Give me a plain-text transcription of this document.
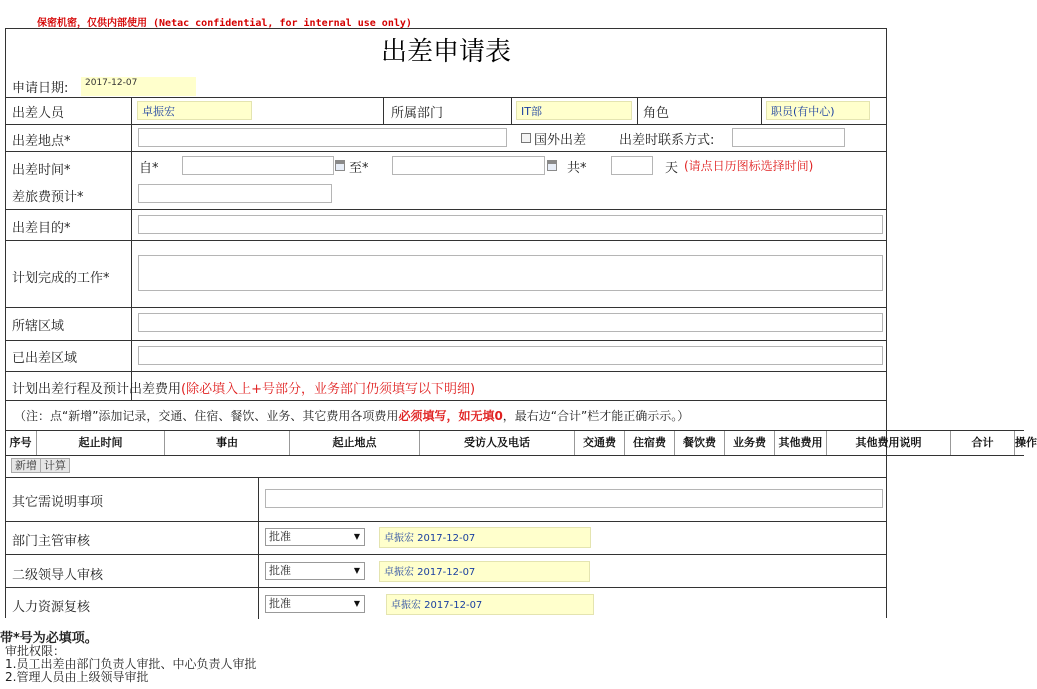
保密机密，仅供内部使用 (Netac confidential, for internal use only)
出差申请表
申请日期:	2017-12-07
出差人员	卓振宏	所属部门	IT部	角色	职员(有中心)
出差地点*	国外出差	出差时联系方式:
出差时间*	自*	至*	共*	天 (请点日历图标选择时间)
差旅费预计*
出差目的*
计划完成的工作*
所辖区域
已出差区域
计划出差行程及预计出差费用(除必填入上+号部分，业务部门仍须填写以下明细)
（注：点“新增”添加记录，交通、住宿、餐饮、业务、其它费用各项费用必须填写，如无填0，最右边“合计”栏才能正确示示。）
其它需说明事项
部门主管审核	批准	▼	卓振宏 2017-12-07
二级领导人审核	批准	▼	卓振宏 2017-12-07
人力资源复核	批准	▼	卓振宏 2017-12-07
序号	起止时间	事由	起止地点	受访人及电话	交通费	住宿费	餐饮费	业务费	其他费用	其他费用说明	合计	操作
新增 计算
带*号为必填项。
审批权限：
1.员工出差由部门负责人审批、中心负责人审批
2.管理人员由上级领导审批
